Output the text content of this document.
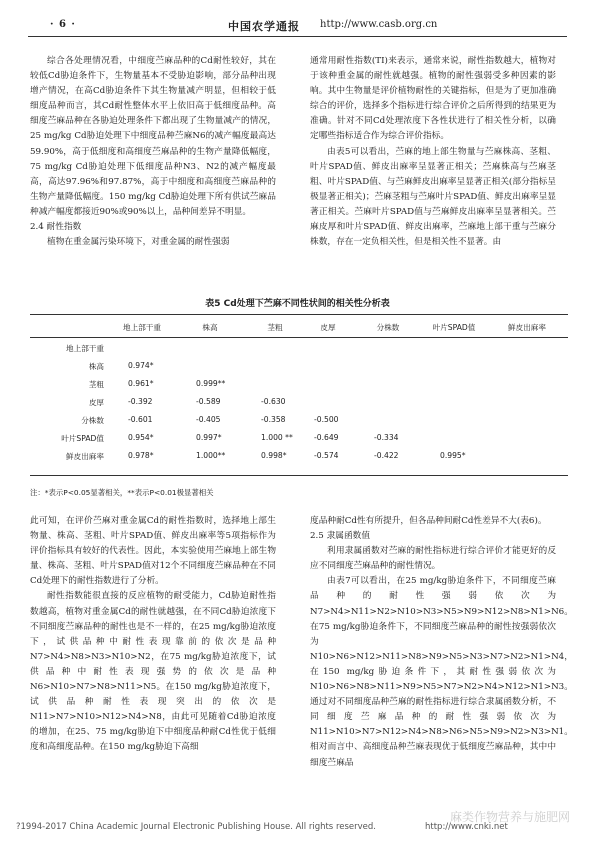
· 6 ·	中国农学通报 http://www.casb.org.cn

综合各处理情况看，中细度苎麻品种的Cd耐性较好，其在较低Cd胁迫条件下，生物量基本不受胁迫影响，部分品种出现增产情况，在高Cd胁迫条件下其生物量减产明显，但相较于低细度品种而言，其Cd耐性整体水平上依旧高于低细度品种。高细度苎麻品种在各胁迫处理条件下都出现了生物量减产的情况，25 mg/kg Cd胁迫处理下中细度品种苎麻N6的减产幅度最高达59.90%，高于低细度和高细度苎麻品种的生物产量降低幅度，75 mg/kg Cd胁迫处理下低细度品种N3、N2的减产幅度最高，高达97.96%和97.87%，高于中细度和高细度苎麻品种的生物产量降低幅度。150 mg/kg Cd胁迫处理下所有供试苎麻品种减产幅度都接近90%或90%以上，品种间差异不明显。

2.4 耐性指数

植物在重金属污染环境下，对重金属的耐性强弱

通常用耐性指数(TI)来表示，通常来说，耐性指数越大，植物对于该种重金属的耐性就越强。植物的耐性强弱受多种因素的影响。其中生物量是评价植物耐性的关键指标，但是为了更加准确综合的评价，选择多个指标进行综合评价之后所得到的结果更为准确。针对不同Cd处理浓度下各性状进行了相关性分析，以确定哪些指标适合作为综合评价指标。

由表5可以看出，苎麻的地上部生物量与苎麻株高、茎粗、叶片SPAD值、鲜皮出麻率呈显著正相关；苎麻株高与苎麻茎粗、叶片SPAD值、与苎麻鲜皮出麻率呈显著正相关(部分指标呈极显著正相关)；苎麻茎粗与苎麻叶片SPAD值、鲜皮出麻率呈显著正相关。苎麻叶片SPAD值与苎麻鲜皮出麻率呈显著相关。苎麻皮厚和叶片SPAD值、鲜皮出麻率，苎麻地上部干重与苎麻分株数，存在一定负相关性，但是相关性不显著。由

表5 Cd处理下苎麻不同性状间的相关性分析表
地上部干重	株高	茎粗	皮厚	分株数	叶片SPAD值	鲜皮出麻率
地上部干重
株高	0.974*
茎粗	0.961*	0.999**
皮厚	-0.392	-0.589	-0.630
分株数	-0.601	-0.405	-0.358	-0.500
叶片SPAD值	0.954*	0.997*	1.000 **	-0.649	-0.334
鲜皮出麻率	0.978*	1.000**	0.998*	-0.574	-0.422	0.995*
注：*表示P<0.05显著相关，**表示P<0.01极显著相关

此可知，在评价苎麻对重金属Cd的耐性指数时，选择地上部生物量、株高、茎粗、叶片SPAD值、鲜皮出麻率等5项指标作为评价指标具有较好的代表性。因此，本实验使用苎麻地上部生物量、株高、茎粗、叶片SPAD值对12个不同细度苎麻品种在不同Cd处理下的耐性指数进行了分析。

耐性指数能很直接的反应植物的耐受能力，Cd胁迫耐性指数越高，植物对重金属Cd的耐性就越强，在不同Cd胁迫浓度下不同细度苎麻品种的耐性也是不一样的，在25 mg/kg胁迫浓度下，试供品种中耐性表现靠前的依次是品种N7>N4>N8>N3>N10>N2，在75 mg/kg胁迫浓度下，试供品种中耐性表现强势的依次是品种N6>N10>N7>N8>N11>N5。在150 mg/kg胁迫浓度下，试供品种耐性表现突出的依次是N11>N7>N10>N12>N4>N8，由此可见随着Cd胁迫浓度的增加，在25、75 mg/kg胁迫下中细度品种耐Cd性优于低细度和高细度品种。在150 mg/kg胁迫下高细

度品种耐Cd性有所提升，但各品种间耐Cd性差异不大(表6)。

2.5 隶属函数值

利用隶属函数对苎麻的耐性指标进行综合评价才能更好的反应不同细度苎麻品种的耐性情况。

由表7可以看出，在25 mg/kg胁迫条件下，不同细度苎麻品种的耐性强弱依次为N7>N4>N11>N2>N10>N3>N5>N9>N12>N8>N1>N6。在75 mg/kg胁迫条件下，不同细度苎麻品种的耐性按强弱依次为N10>N6>N12>N11>N8>N9>N5>N3>N7>N2>N1>N4，在150 mg/kg胁迫条件下，其耐性强弱依次为N10>N6>N8>N11>N9>N5>N7>N2>N4>N12>N1>N3。通过对不同细度品种苎麻的耐性指标进行综合隶属函数分析，不同细度苎麻品种的耐性强弱依次为N11>N10>N7>N12>N4>N8>N6>N5>N9>N2>N3>N1。相对而言中、高细度品种苎麻表现优于低细度苎麻品种，其中中细度苎麻品

麻类作物营养与施肥网
?1994-2017 China Academic Journal Electronic Publishing House. All rights reserved.	http://www.cnki.net
